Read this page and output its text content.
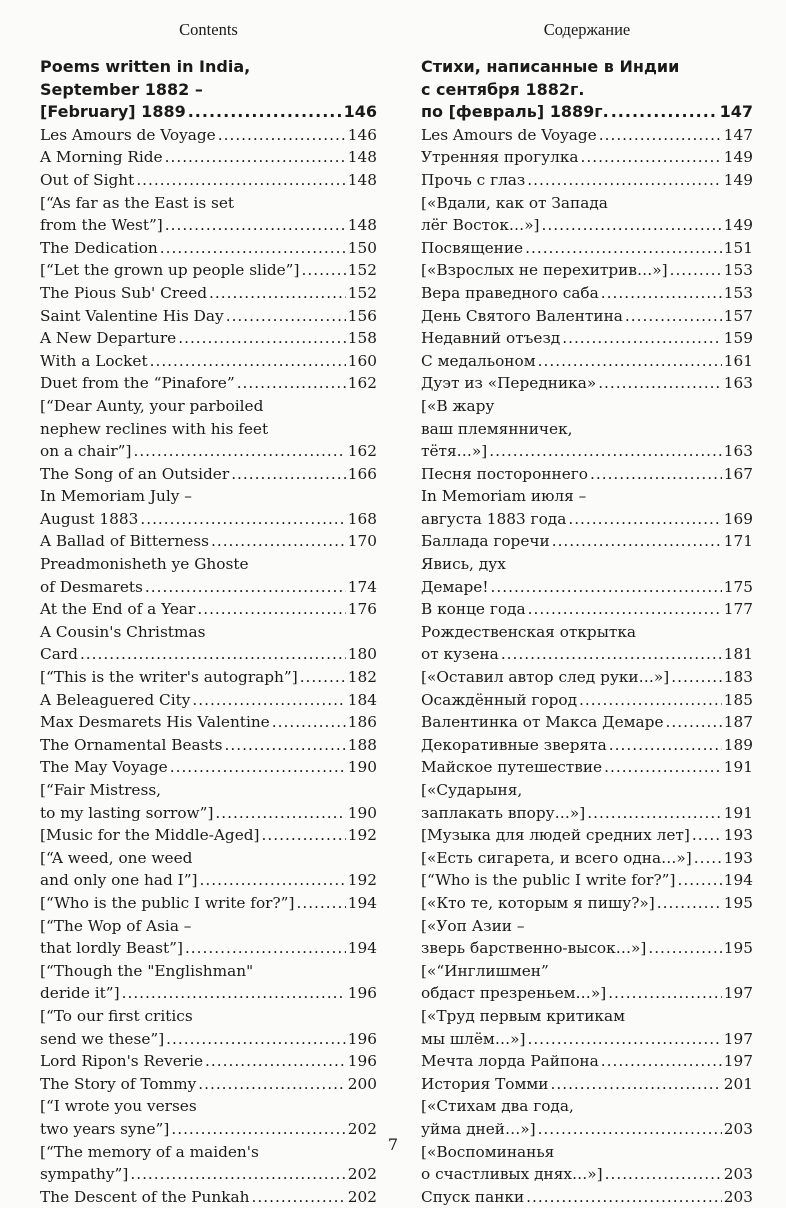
Contents
Poems written in India,
September 1882 –
[February] 1889 .....	146
Les Amours de Voyage .....	146
A Morning Ride .....	148
Out of Sight .....	148
[“As far as the East is set
from the West”] .....	148
The Dedication .....	150
[“Let the grown up people slide”] .....	152
The Pious Sub' Creed .....	152
Saint Valentine His Day .....	156
A New Departure .....	158
With a Locket .....	160
Duet from the “Pinafore” .....	162
[“Dear Aunty, your parboiled
nephew reclines with his feet
on a chair”] .....	162
The Song of an Outsider .....	166
In Memoriam July –
August 1883 .....	168
A Ballad of Bitterness .....	170
Preadmonisheth ye Ghoste
of Desmarets .....	174
At the End of a Year .....	176
A Cousin's Christmas
Card .....	180
[“This is the writer's autograph”] .....	182
A Beleaguered City .....	184
Max Desmarets His Valentine .....	186
The Ornamental Beasts .....	188
The May Voyage .....	190
[“Fair Mistress,
to my lasting sorrow”] .....	190
[Music for the Middle-Aged] .....	192
[“A weed, one weed
and only one had I”] .....	192
[“Who is the public I write for?”] .....	194
[“The Wop of Asia –
that lordly Beast”] .....	194
[“Though the "Englishman"
deride it”] .....	196
[“To our first critics
send we these”] .....	196
Lord Ripon's Reverie .....	196
The Story of Tommy .....	200
[“I wrote you verses
two years syne”] .....	202
[“The memory of a maiden's
sympathy”] .....	202
The Descent of the Punkah .....	202
Содержание
Стихи, написанные в Индии
с сентября 1882г.
по [февраль] 1889г. .....	147
Les Amours de Voyage .....	147
Утренняя прогулка .....	149
Прочь с глаз .....	149
[«Вдали, как от Запада
лёг Восток…»] .....	149
Посвящение .....	151
[«Взрослых не перехитрив…»] .....	153
Вера праведного саба .....	153
День Святого Валентина .....	157
Недавний отъезд .....	159
С медальоном .....	161
Дуэт из «Передника» .....	163
[«В жару
ваш племянничек,
тётя…»] .....	163
Песня постороннего .....	167
In Memoriam июля –
августа 1883 года .....	169
Баллада горечи .....	171
Явись, дух
Демаре! .....	175
В конце года .....	177
Рождественская открытка
от кузена .....	181
[«Оставил автор след руки…»] .....	183
Осаждённый город .....	185
Валентинка от Макса Демаре .....	187
Декоративные зверята .....	189
Майское путешествие .....	191
[«Сударыня,
заплакать впору…»] .....	191
[Музыка для людей средних лет] ..... 193
[«Есть сигарета, и всего одна…»] ..... 193
[“Who is the public I write for?”] .....	194
[«Кто те, которым я пишу?»] .....	195
[«Уоп Азии –
зверь барственно-высок…»] .....	195
[«“Инглишмен”
обдаст презреньем…»] .....	197
[«Труд первым критикам
мы шлём…»] .....	197
Мечта лорда Райпона .....	197
История Томми .....	201
[«Стихам два года,
уйма дней…»] .....	203
[«Воспоминанья
о счастливых днях…»] .....	203
Спуск панки .....	203
7
